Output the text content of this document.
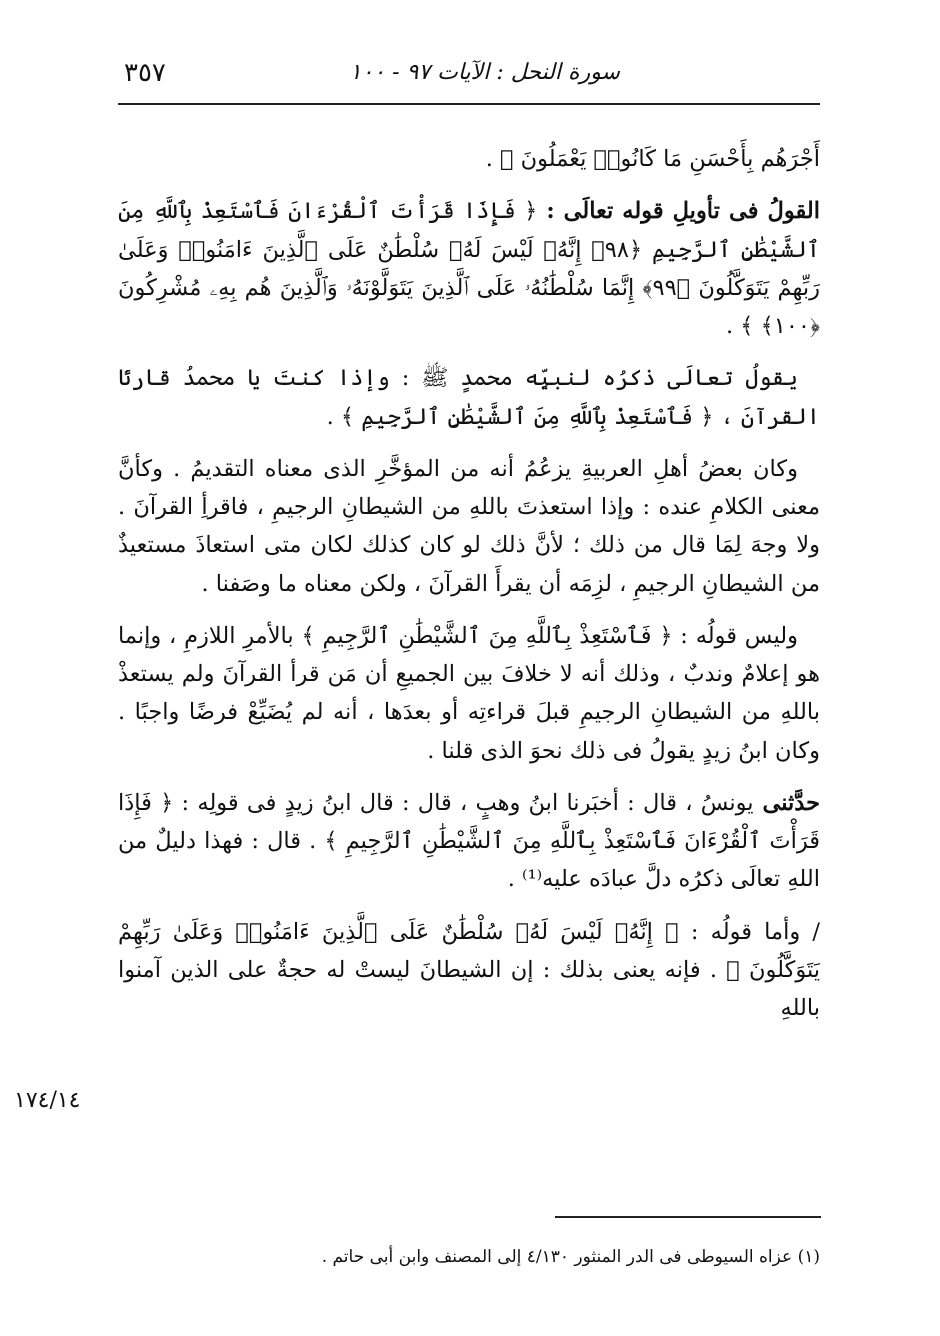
٣٥٧	سورة النحل : الآيات ٩٧ - ١٠٠

أَجْرَهُم بِأَحْسَنِ مَا كَانُوا۟ يَعْمَلُونَ ﴾ .

القولُ فى تأويلِ قوله تعالَى : ﴿ فَإِذَا قَرَأْتَ ٱلْقُرْءَانَ فَٱسْتَعِذْ بِٱللَّهِ مِنَ ٱلشَّيْطَٰنِ ٱلرَّجِيمِ ﴿٩٨﴾ إِنَّهُۥ لَيْسَ لَهُۥ سُلْطَٰنٌ عَلَى ٱلَّذِينَ ءَامَنُوا۟ وَعَلَىٰ رَبِّهِمْ يَتَوَكَّلُونَ ﴿٩٩﴾ إِنَّمَا سُلْطَٰنُهُۥ عَلَى ٱلَّذِينَ يَتَوَلَّوْنَهُۥ وَٱلَّذِينَ هُم بِهِۦ مُشْرِكُونَ ﴿١٠٠﴾ ﴾ .

يقولُ تعالَى ذكرُه لنبيِّه محمدٍ ﷺ : وإذا كنتَ يا محمدُ قارئًا القرآنَ ، ﴿ فَٱسْتَعِذْ بِٱللَّهِ مِنَ ٱلشَّيْطَٰنِ ٱلرَّجِيمِ ﴾ .

وكان بعضُ أهلِ العربيةِ يزعُمُ أنه من المؤخَّرِ الذى معناه التقديمُ . وكأنَّ معنى الكلامِ عنده : وإذا استعذتَ باللهِ من الشيطانِ الرجيمِ ، فاقرأِ القرآنَ . ولا وجهَ لِمَا قال من ذلك ؛ لأنَّ ذلك لو كان كذلك لكان متى استعاذَ مستعيذٌ من الشيطانِ الرجيمِ ، لزِمَه أن يقرأَ القرآنَ ، ولكن معناه ما وصَفنا .

وليس قولُه : ﴿ فَٱسْتَعِذْ بِٱللَّهِ مِنَ ٱلشَّيْطَٰنِ ٱلرَّجِيمِ ﴾ بالأمرِ اللازمِ ، وإنما هو إعلامٌ وندبٌ ، وذلك أنه لا خلافَ بين الجميعِ أن مَن قرأ القرآنَ ولم يستعذْ باللهِ من الشيطانِ الرجيمِ قبلَ قراءتِه أو بعدَها ، أنه لم يُضَيِّعْ فرضًا واجبًا . وكان ابنُ زيدٍ يقولُ فى ذلك نحوَ الذى قلنا .

حدَّثنى يونسُ ، قال : أخبَرنا ابنُ وهبٍ ، قال : قال ابنُ زيدٍ فى قولِه : ﴿ فَإِذَا قَرَأْتَ ٱلْقُرْءَانَ فَٱسْتَعِذْ بِٱللَّهِ مِنَ ٱلشَّيْطَٰنِ ٱلرَّجِيمِ ﴾ . قال : فهذا دليلٌ من اللهِ تعالَى ذكرُه دلَّ عبادَه عليه⁽¹⁾ .

/ وأما قولُه : ﴿ إِنَّهُۥ لَيْسَ لَهُۥ سُلْطَٰنٌ عَلَى ٱلَّذِينَ ءَامَنُوا۟ وَعَلَىٰ رَبِّهِمْ يَتَوَكَّلُونَ ﴾ . فإنه يعنى بذلك : إن الشيطانَ ليستْ له حجةٌ على الذين آمنوا باللهِ

١٧٤/١٤
(١) عزاه السيوطى فى الدر المنثور ٤/١٣٠ إلى المصنف وابن أبى حاتم .
